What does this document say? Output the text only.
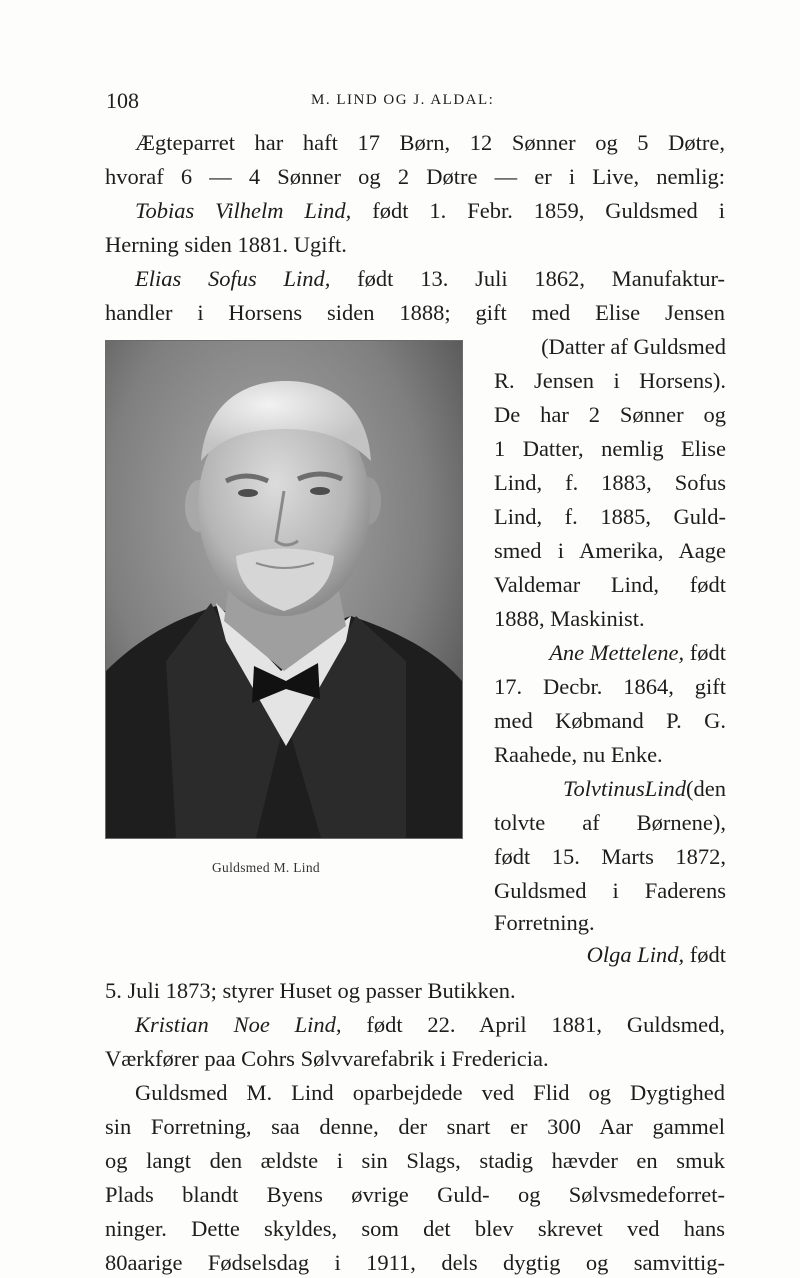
108	M. LIND OG J. ALDAL:
Ægteparret har haft 17 Børn, 12 Sønner og 5 Døtre,
hvoraf 6 — 4 Sønner og 2 Døtre — er i Live, nemlig:
Tobias Vilhelm Lind, født 1. Febr. 1859, Guldsmed i
Herning siden 1881. Ugift.
Elias Sofus Lind, født 13. Juli 1862, Manufaktur-
handler i Horsens siden 1888; gift med Elise Jensen
(Datter af Guldsmed
R. Jensen i Horsens).
De har 2 Sønner og
1 Datter, nemlig Elise
Lind, f. 1883, Sofus
Lind, f. 1885, Guld-
smed i Amerika, Aage
Valdemar Lind, født
1888, Maskinist.
Ane Mettelene, født
17. Decbr. 1864, gift
med Købmand P. G.
Raahede, nu Enke.
TolvtinusLind(den
tolvte af Børnene),
født 15. Marts 1872,
Guldsmed i Faderens
Forretning.
Olga Lind, født
5. Juli 1873; styrer Huset og passer Butikken.
Kristian Noe Lind, født 22. April 1881, Guldsmed,
Værkfører paa Cohrs Sølvvarefabrik i Fredericia.
Guldsmed M. Lind oparbejdede ved Flid og Dygtighed
sin Forretning, saa denne, der snart er 300 Aar gammel
og langt den ældste i sin Slags, stadig hævder en smuk
Plads blandt Byens øvrige Guld- og Sølvsmedeforret-
ninger. Dette skyldes, som det blev skrevet ved hans
80aarige Fødselsdag i 1911, dels dygtig og samvittig-
Guldsmed M. Lind
